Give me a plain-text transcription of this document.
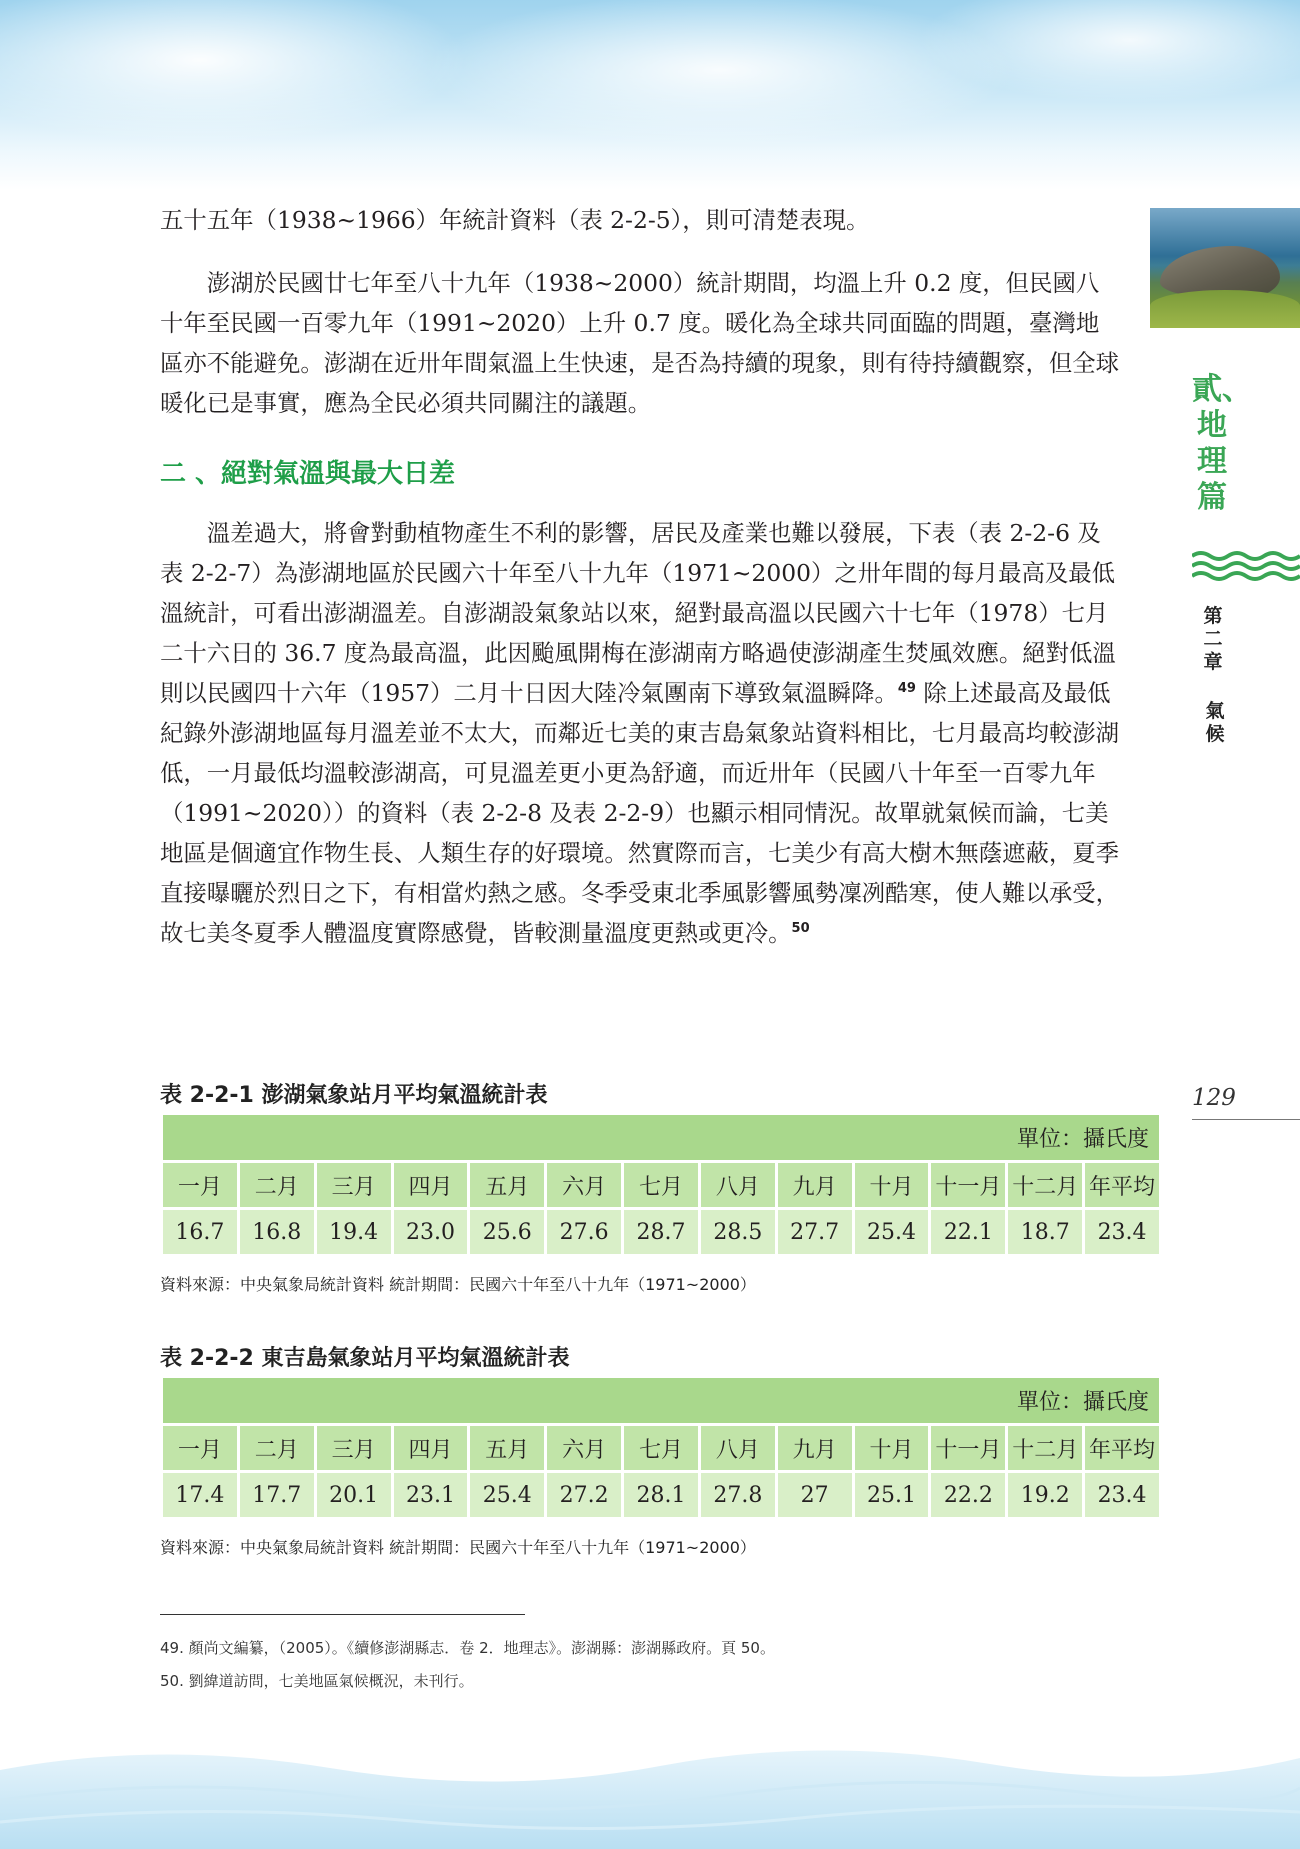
貳、地理篇
第二章
氣候
129

五十五年（1938~1966）年統計資料（表 2-2-5），則可清楚表現。

澎湖於民國廿七年至八十九年（1938~2000）統計期間，均溫上升 0.2 度，但民國八十年至民國一百零九年（1991~2020）上升 0.7 度。暖化為全球共同面臨的問題，臺灣地區亦不能避免。澎湖在近卅年間氣溫上生快速，是否為持續的現象，則有待持續觀察，但全球暖化已是事實，應為全民必須共同關注的議題。

二 、絕對氣溫與最大日差

溫差過大，將會對動植物產生不利的影響，居民及產業也難以發展，下表（表 2-2-6 及表 2-2-7）為澎湖地區於民國六十年至八十九年（1971~2000）之卅年間的每月最高及最低溫統計，可看出澎湖溫差。自澎湖設氣象站以來，絕對最高溫以民國六十七年（1978）七月二十六日的 36.7 度為最高溫，此因颱風開梅在澎湖南方略過使澎湖產生焚風效應。絕對低溫則以民國四十六年（1957）二月十日因大陸冷氣團南下導致氣溫瞬降。$^{49}$ 除上述最高及最低紀錄外澎湖地區每月溫差並不太大，而鄰近七美的東吉島氣象站資料相比，七月最高均較澎湖低，一月最低均溫較澎湖高，可見溫差更小更為舒適，而近卅年（民國八十年至一百零九年（1991~2020））的資料（表 2-2-8 及表 2-2-9）也顯示相同情況。故單就氣候而論，七美地區是個適宜作物生長、人類生存的好環境。然實際而言，七美少有高大樹木無蔭遮蔽，夏季直接曝曬於烈日之下，有相當灼熱之感。冬季受東北季風影響風勢凜冽酷寒，使人難以承受，故七美冬夏季人體溫度實際感覺，皆較測量溫度更熱或更冷。$^{50}$

表 2-2-1 澎湖氣象站月平均氣溫統計表
單位：攝氏度												
一月	二月	三月	四月	五月	六月	七月	八月	九月	十月	十一月	十二月	年平均
16.7	16.8	19.4	23.0	25.6	27.6	28.7	28.5	27.7	25.4	22.1	18.7	23.4
資料來源：中央氣象局統計資料 統計期間：民國六十年至八十九年（1971~2000）
表 2-2-2 東吉島氣象站月平均氣溫統計表
單位：攝氏度												
一月	二月	三月	四月	五月	六月	七月	八月	九月	十月	十一月	十二月	年平均
17.4	17.7	20.1	23.1	25.4	27.2	28.1	27.8	27	25.1	22.2	19.2	23.4
資料來源：中央氣象局統計資料 統計期間：民國六十年至八十九年（1971~2000）
49. 顏尚文編纂，（2005）。《續修澎湖縣志．卷 2．地理志》。澎湖縣：澎湖縣政府。頁 50。
50. 劉緯道訪問，七美地區氣候概況，未刊行。
